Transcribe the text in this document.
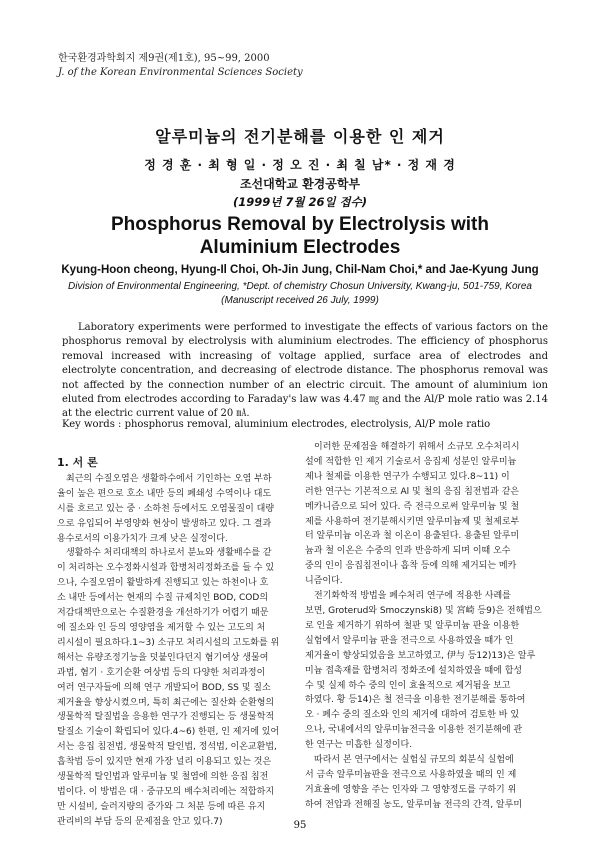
한국환경과학회지 제9권(제1호), 95~99, 2000
J. of the Korean Environmental Sciences Society
알루미늄의 전기분해를 이용한 인 제거
정 경 훈 · 최 형 일 · 정 오 진 · 최 칠 남* · 정 재 경
조선대학교 환경공학부
(1999년 7월 26일 접수)
Phosphorus Removal by Electrolysis with
Aluminium Electrodes
Kyung-Hoon cheong, Hyung-Il Choi, Oh-Jin Jung, Chil-Nam Choi,* and Jae-Kyung Jung
Division of Environmental Engineering, *Dept. of chemistry Chosun University, Kwang-ju, 501-759, Korea
(Manuscript received 26 July, 1999)
Laboratory experiments were performed to investigate the effects of various factors on the phosphorus removal by electrolysis with aluminium electrodes. The efficiency of phosphorus removal increased with increasing of voltage applied, surface area of electrodes and electrolyte concentration, and decreasing of electrode distance. The phosphorus removal was not affected by the connection number of an electric circuit. The amount of aluminium ion eluted from electrodes according to Faraday's law was 4.47 ㎎ and the Al/P mole ratio was 2.14 at the electric current value of 20 ㎃.
Key words : phosphorus removal, aluminium electrodes, electrolysis, Al/P mole ratio
1. 서 론
최근의 수질오염은 생활하수에서 기인하는 오염 부하
율이 높은 편으로 호소 내만 등의 폐쇄성 수역이나 대도
시를 흐르고 있는 중 · 소하천 등에서도 오염물질이 대량
으로 유입되어 부영양화 현상이 발생하고 있다. 그 결과
용수로서의 이용가치가 크게 낮은 실정이다.
생활하수 처리대책의 하나로서 분뇨와 생활배수를 같
이 처리하는 오수정화시설과 합병처리정화조를 들 수 있
으나, 수질오염이 활발하게 진행되고 있는 하천이나 호
소 내만 등에서는 현재의 수질 규제치인 BOD, COD의
저감대책만으로는 수질환경을 개선하기가 어렵기 때문
에 질소와 인 등의 영양염을 제거할 수 있는 고도의 처
리시설이 필요하다.1~3) 소규모 처리시설의 고도화를 위
해서는 유량조정기능을 덧붙인다던지 혐기여상 생물여
과법, 혐기 · 호기순환 여상법 등의 다양한 처리과정이
여러 연구자들에 의해 연구 개발되어 BOD, SS 및 질소
제거율을 향상시켰으며, 특히 최근에는 질산화 순환형의
생물학적 탈질법을 응용한 연구가 진행되는 등 생물학적
탈질소 기술이 확립되어 있다.4~6) 한편, 인 제거에 있어
서는 응집 침전법, 생물학적 탈인법, 정석법, 이온교환법,
흡착법 등이 있지만 현재 가장 널리 이용되고 있는 것은
생물학적 탈인법과 알루미늄 및 철염에 의한 응집 침전
법이다. 이 방법은 대 · 중규모의 배수처리에는 적합하지
만 시설비, 슬러지량의 증가와 그 처분 등에 따른 유지
관리비의 부담 등의 문제점을 안고 있다.7)
이러한 문제점을 해결하기 위해서 소규모 오수처리시
설에 적합한 인 제거 기술로서 응집제 성분인 알루미늄
제나 철제를 이용한 연구가 수행되고 있다.8~11) 이
러한 연구는 기본적으로 Al 및 철의 응집 침전법과 같은
메카니즘으로 되어 있다. 즉 전극으로써 알루미늄 및 철
제를 사용하여 전기분해시키면 알루미늄제 및 철제로부
터 알루미늄 이온과 철 이온이 용출된다. 용출된 알루미
늄과 철 이온은 수중의 인과 반응하게 되며 이때 오수
중의 인이 응집침전이나 흡착 등에 의해 제거되는 메카
니즘이다.
전기화학적 방법을 폐수처리 연구에 적용한 사례를
보면, Groterud와 Smoczynski8) 및 宮崎 등9)은 전해법으
로 인을 제거하기 위하여 철판 및 알루미늄 판을 이용한
실험에서 알루미늄 판을 전극으로 사용하였을 때가 인
제거율이 향상되었음을 보고하였고, 伊与 등12)13)은 알루
미늄 접촉재를 합병처리 정화조에 설치하였을 때에 합성
수 및 실제 하수 중의 인이 효율적으로 제거됨을 보고
하였다. 황 등14)은 철 전극을 이용한 전기분해를 통하여
오 · 폐수 중의 질소와 인의 제거에 대하여 검토한 바 있
으나, 국내에서의 알루미늄전극을 이용한 전기분해에 관
한 연구는 미흡한 실정이다.
따라서 본 연구에서는 실험실 규모의 회분식 실험에
서 금속 알루미늄판을 전극으로 사용하였을 때의 인 제
거효율에 영향을 주는 인자와 그 영향정도를 구하기 위
하여 전압과 전해질 농도, 알루미늄 전극의 간격, 알루미
95
